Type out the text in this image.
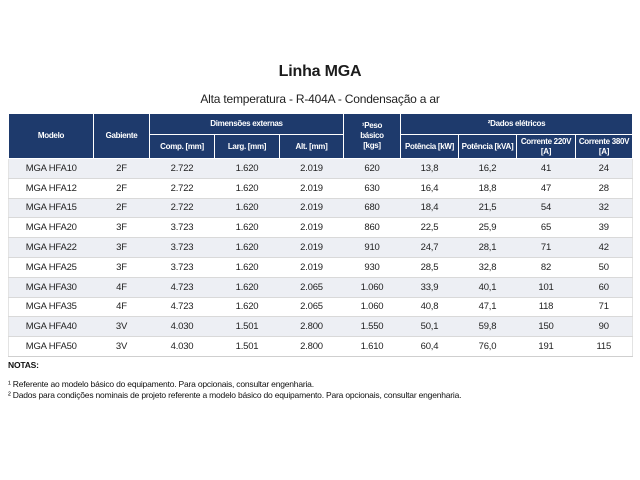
Linha MGA
Alta temperatura - R-404A - Condensação a ar
Modelo	Gabiente	Dimensões externas			¹Peso básico [kgs]	²Dados elétricos			
		Comp. [mm]	Larg. [mm]	Alt. [mm]		Potência [kW]	Potência [kVA]	Corrente 220V [A]	Corrente 380V [A]
MGA HFA10	2F	2.722	1.620	2.019	620	13,8	16,2	41	24
MGA HFA12	2F	2.722	1.620	2.019	630	16,4	18,8	47	28
MGA HFA15	2F	2.722	1.620	2.019	680	18,4	21,5	54	32
MGA HFA20	3F	3.723	1.620	2.019	860	22,5	25,9	65	39
MGA HFA22	3F	3.723	1.620	2.019	910	24,7	28,1	71	42
MGA HFA25	3F	3.723	1.620	2.019	930	28,5	32,8	82	50
MGA HFA30	4F	4.723	1.620	2.065	1.060	33,9	40,1	101	60
MGA HFA35	4F	4.723	1.620	2.065	1.060	40,8	47,1	118	71
MGA HFA40	3V	4.030	1.501	2.800	1.550	50,1	59,8	150	90
MGA HFA50	3V	4.030	1.501	2.800	1.610	60,4	76,0	191	115
NOTAS:
¹ Referente ao modelo básico do equipamento. Para opcionais, consultar engenharia.
² Dados para condições nominais de projeto referente a modelo básico do equipamento. Para opcionais, consultar engenharia.
